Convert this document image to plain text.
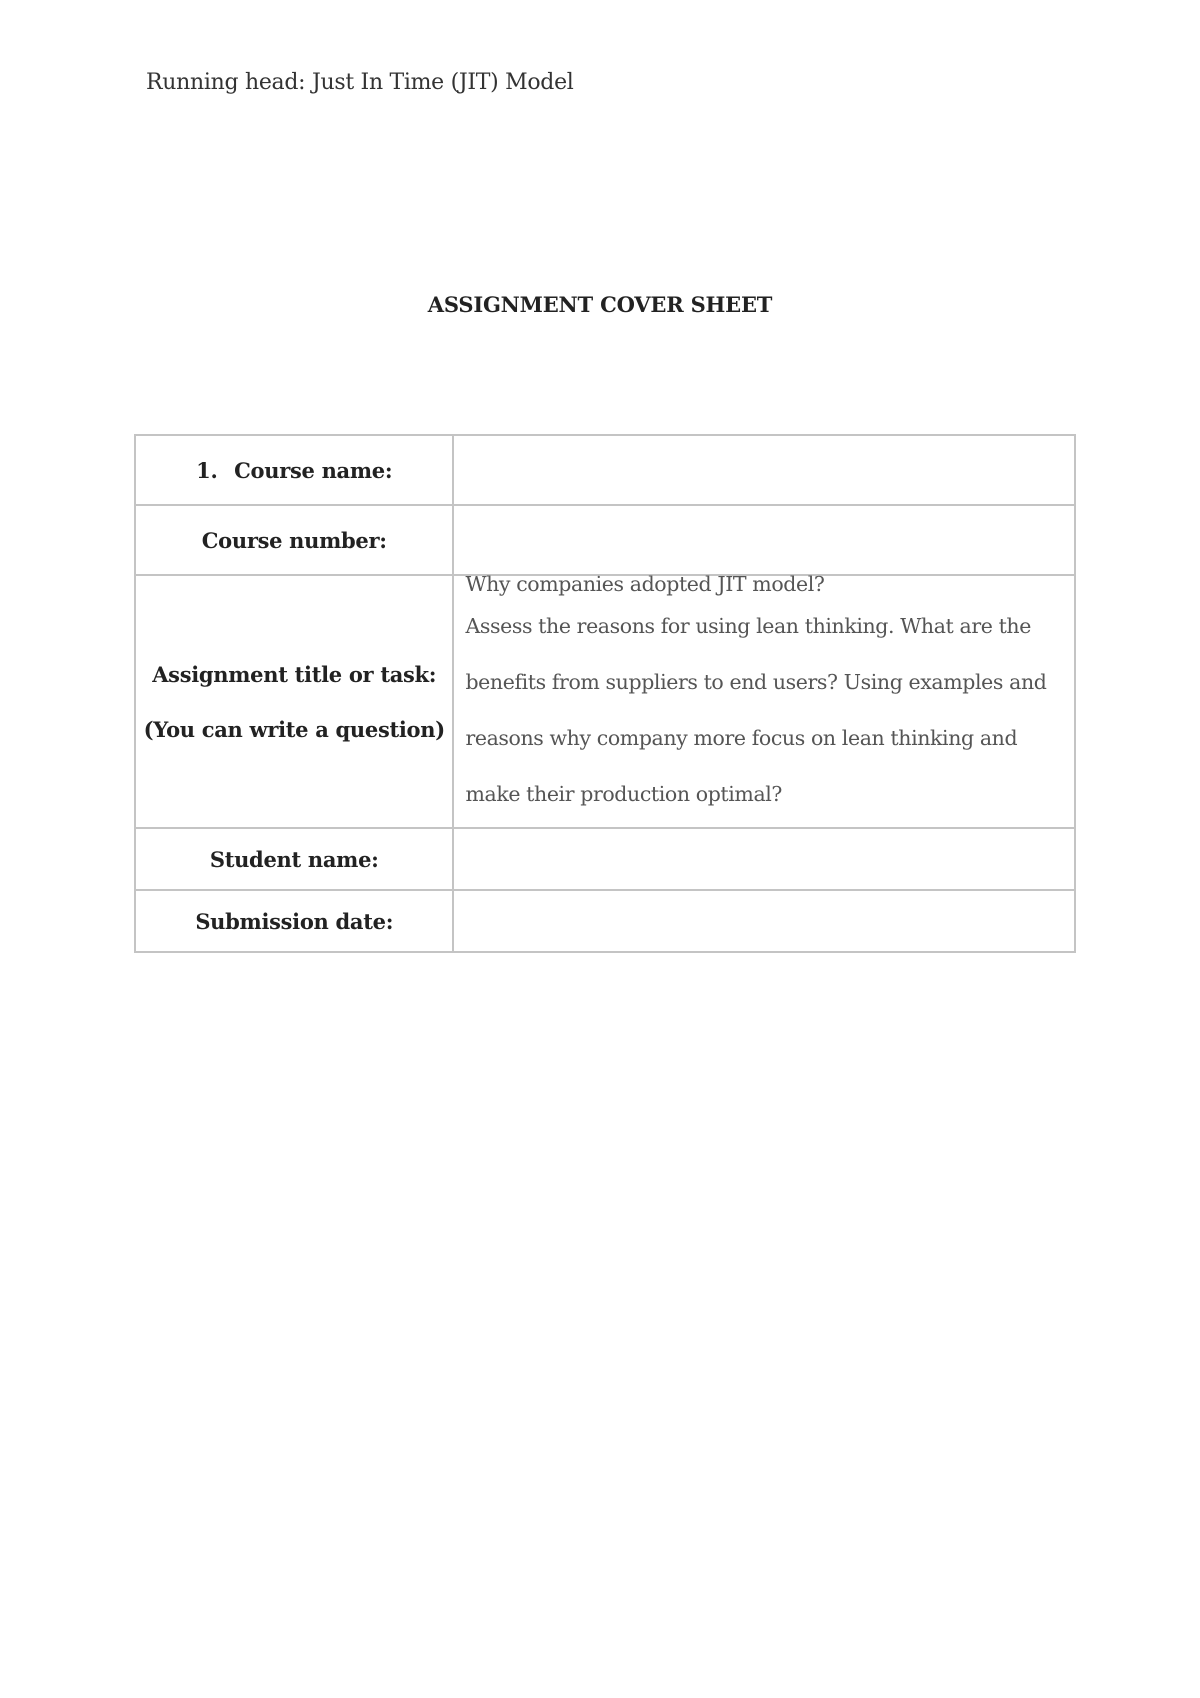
Running head: Just In Time (JIT) Model
ASSIGNMENT COVER SHEET
1. Course name:	
Course number:	
Assignment title or task:
(You can write a question)	Why companies adopted JIT model?
Assess the reasons for using lean thinking. What are the benefits from suppliers to end users? Using examples and reasons why company more focus on lean thinking and make their production optimal?

Student name:	
Submission date:	
